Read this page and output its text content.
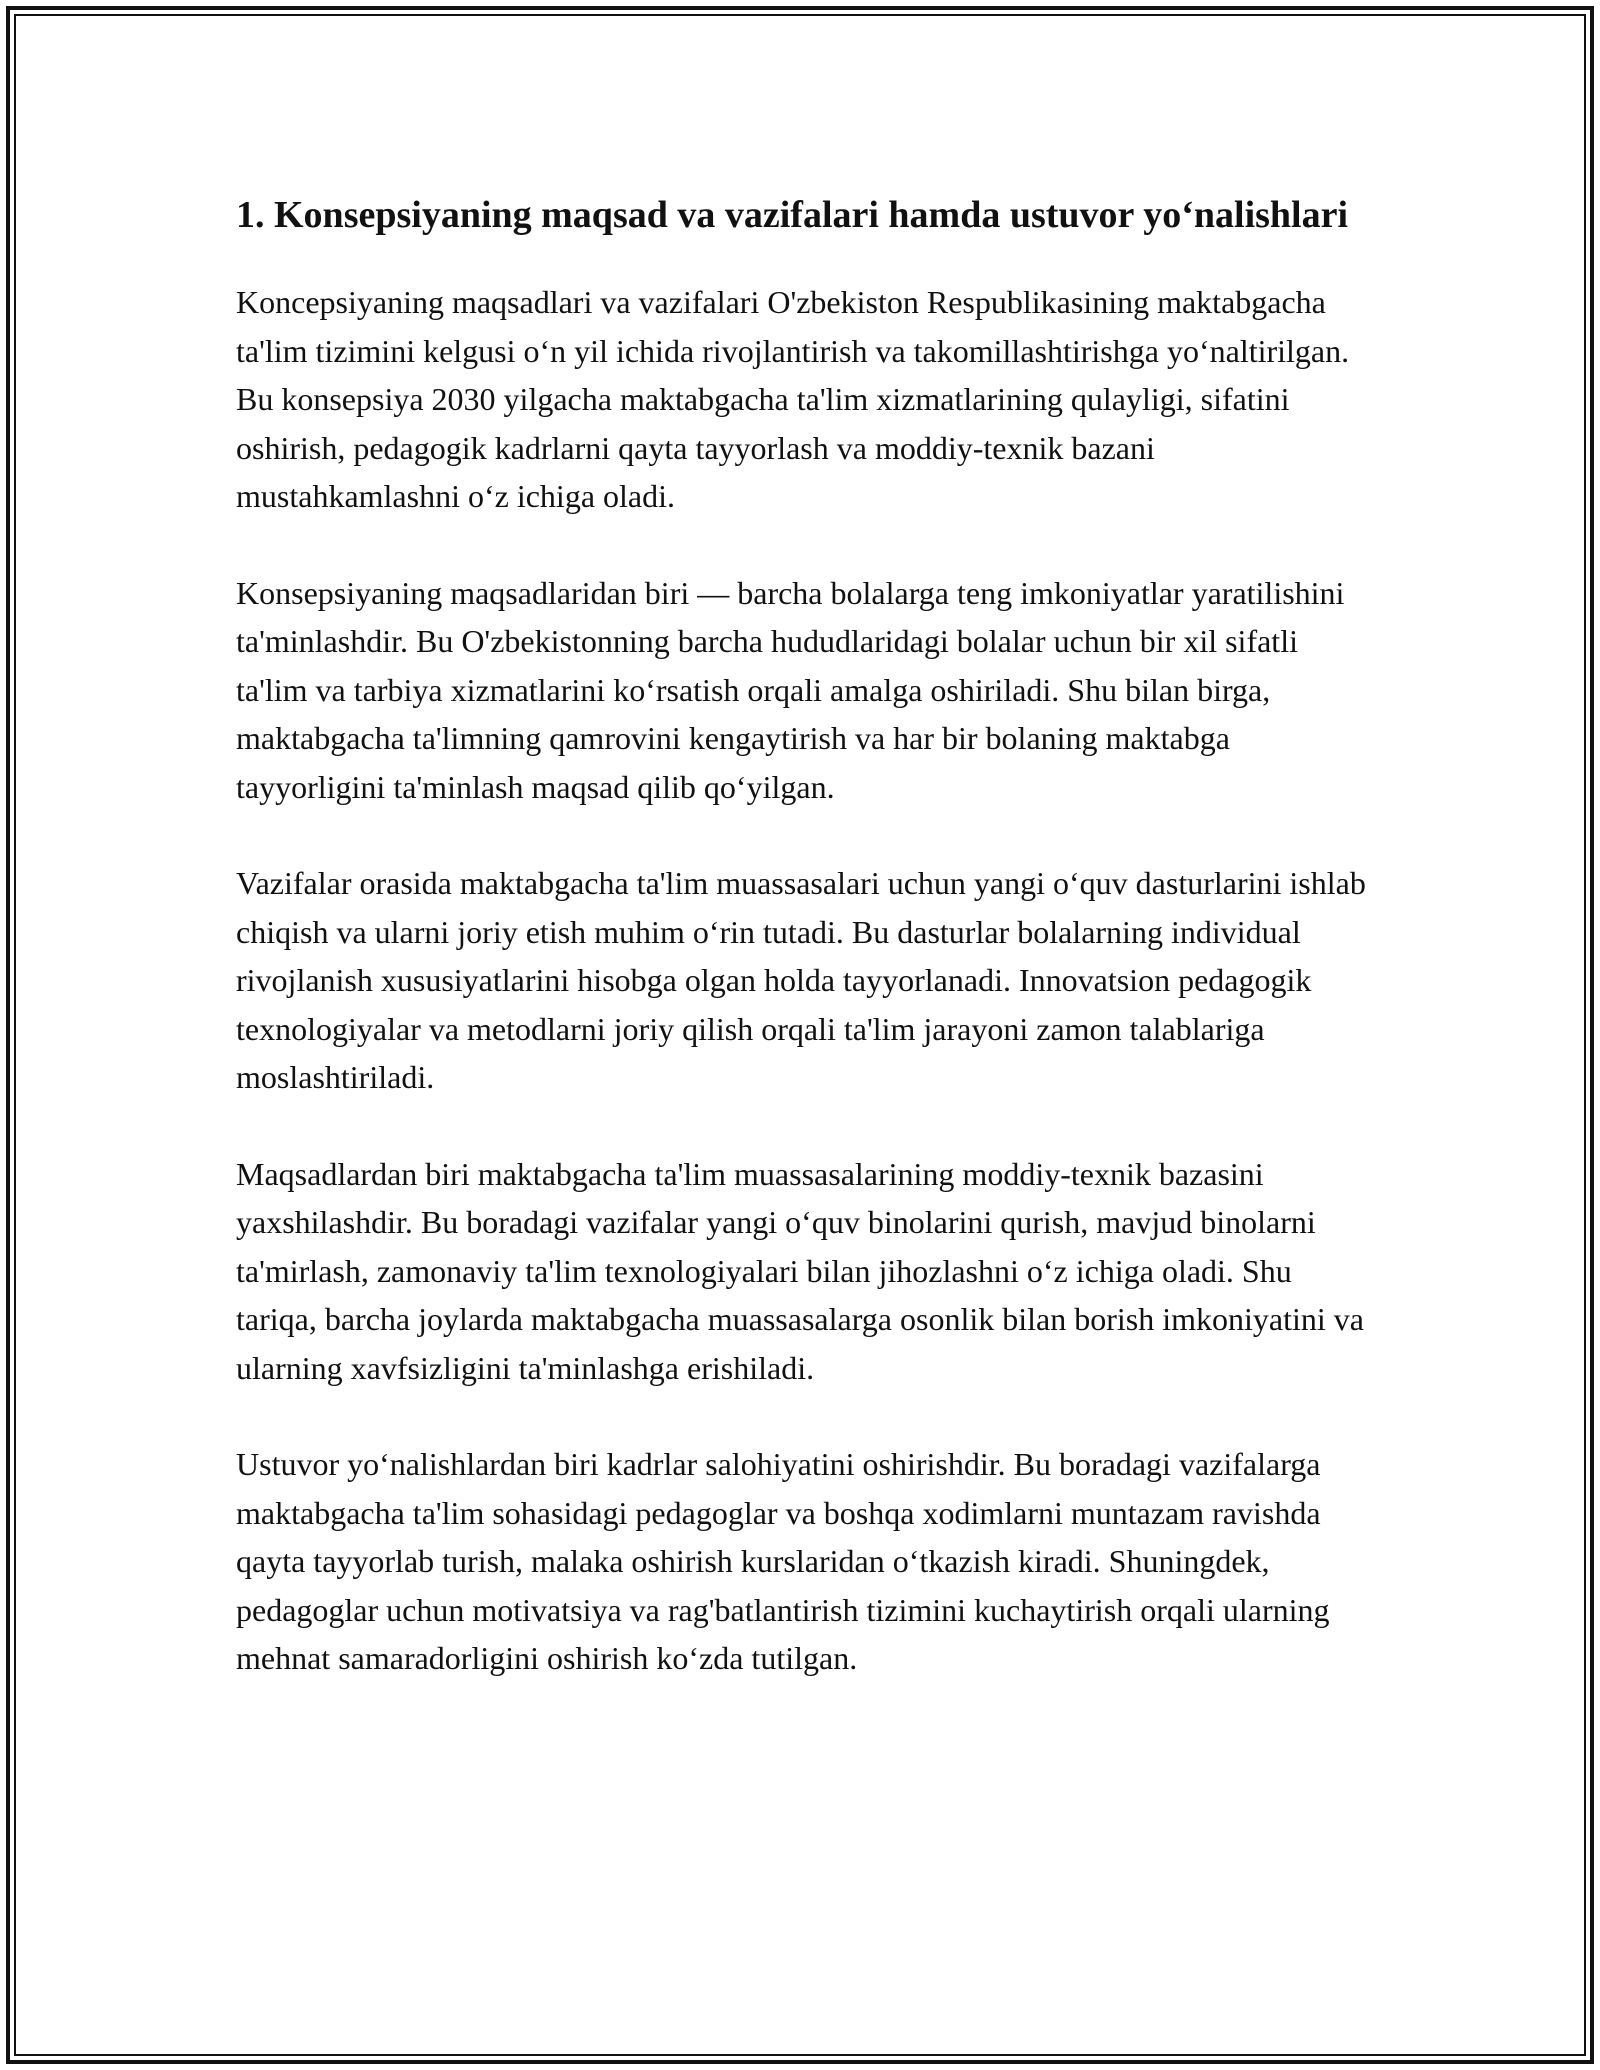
1. Konsepsiyaning maqsad va vazifalari hamda ustuvor yo‘nalishlari

Koncepsiyaning maqsadlari va vazifalari O'zbekiston Respublikasining maktabgacha ta'lim tizimini kelgusi o‘n yil ichida rivojlantirish va takomillashtirishga yo‘naltirilgan. Bu konsepsiya 2030 yilgacha maktabgacha ta'lim xizmatlarining qulayligi, sifatini oshirish, pedagogik kadrlarni qayta tayyorlash va moddiy-texnik bazani mustahkamlashni o‘z ichiga oladi.

Konsepsiyaning maqsadlaridan biri — barcha bolalarga teng imkoniyatlar yaratilishini ta'minlashdir. Bu O'zbekistonning barcha hududlaridagi bolalar uchun bir xil sifatli ta'lim va tarbiya xizmatlarini ko‘rsatish orqali amalga oshiriladi. Shu bilan birga, maktabgacha ta'limning qamrovini kengaytirish va har bir bolaning maktabga tayyorligini ta'minlash maqsad qilib qo‘yilgan.

Vazifalar orasida maktabgacha ta'lim muassasalari uchun yangi o‘quv dasturlarini ishlab chiqish va ularni joriy etish muhim o‘rin tutadi. Bu dasturlar bolalarning individual rivojlanish xususiyatlarini hisobga olgan holda tayyorlanadi. Innovatsion pedagogik texnologiyalar va metodlarni joriy qilish orqali ta'lim jarayoni zamon talablariga moslashtiriladi.

Maqsadlardan biri maktabgacha ta'lim muassasalarining moddiy-texnik bazasini yaxshilashdir. Bu boradagi vazifalar yangi o‘quv binolarini qurish, mavjud binolarni ta'mirlash, zamonaviy ta'lim texnologiyalari bilan jihozlashni o‘z ichiga oladi. Shu tariqa, barcha joylarda maktabgacha muassasalarga osonlik bilan borish imkoniyatini va ularning xavfsizligini ta'minlashga erishiladi.

Ustuvor yo‘nalishlardan biri kadrlar salohiyatini oshirishdir. Bu boradagi vazifalarga maktabgacha ta'lim sohasidagi pedagoglar va boshqa xodimlarni muntazam ravishda qayta tayyorlab turish, malaka oshirish kurslaridan o‘tkazish kiradi. Shuningdek, pedagoglar uchun motivatsiya va rag'batlantirish tizimini kuchaytirish orqali ularning mehnat samaradorligini oshirish ko‘zda tutilgan.
